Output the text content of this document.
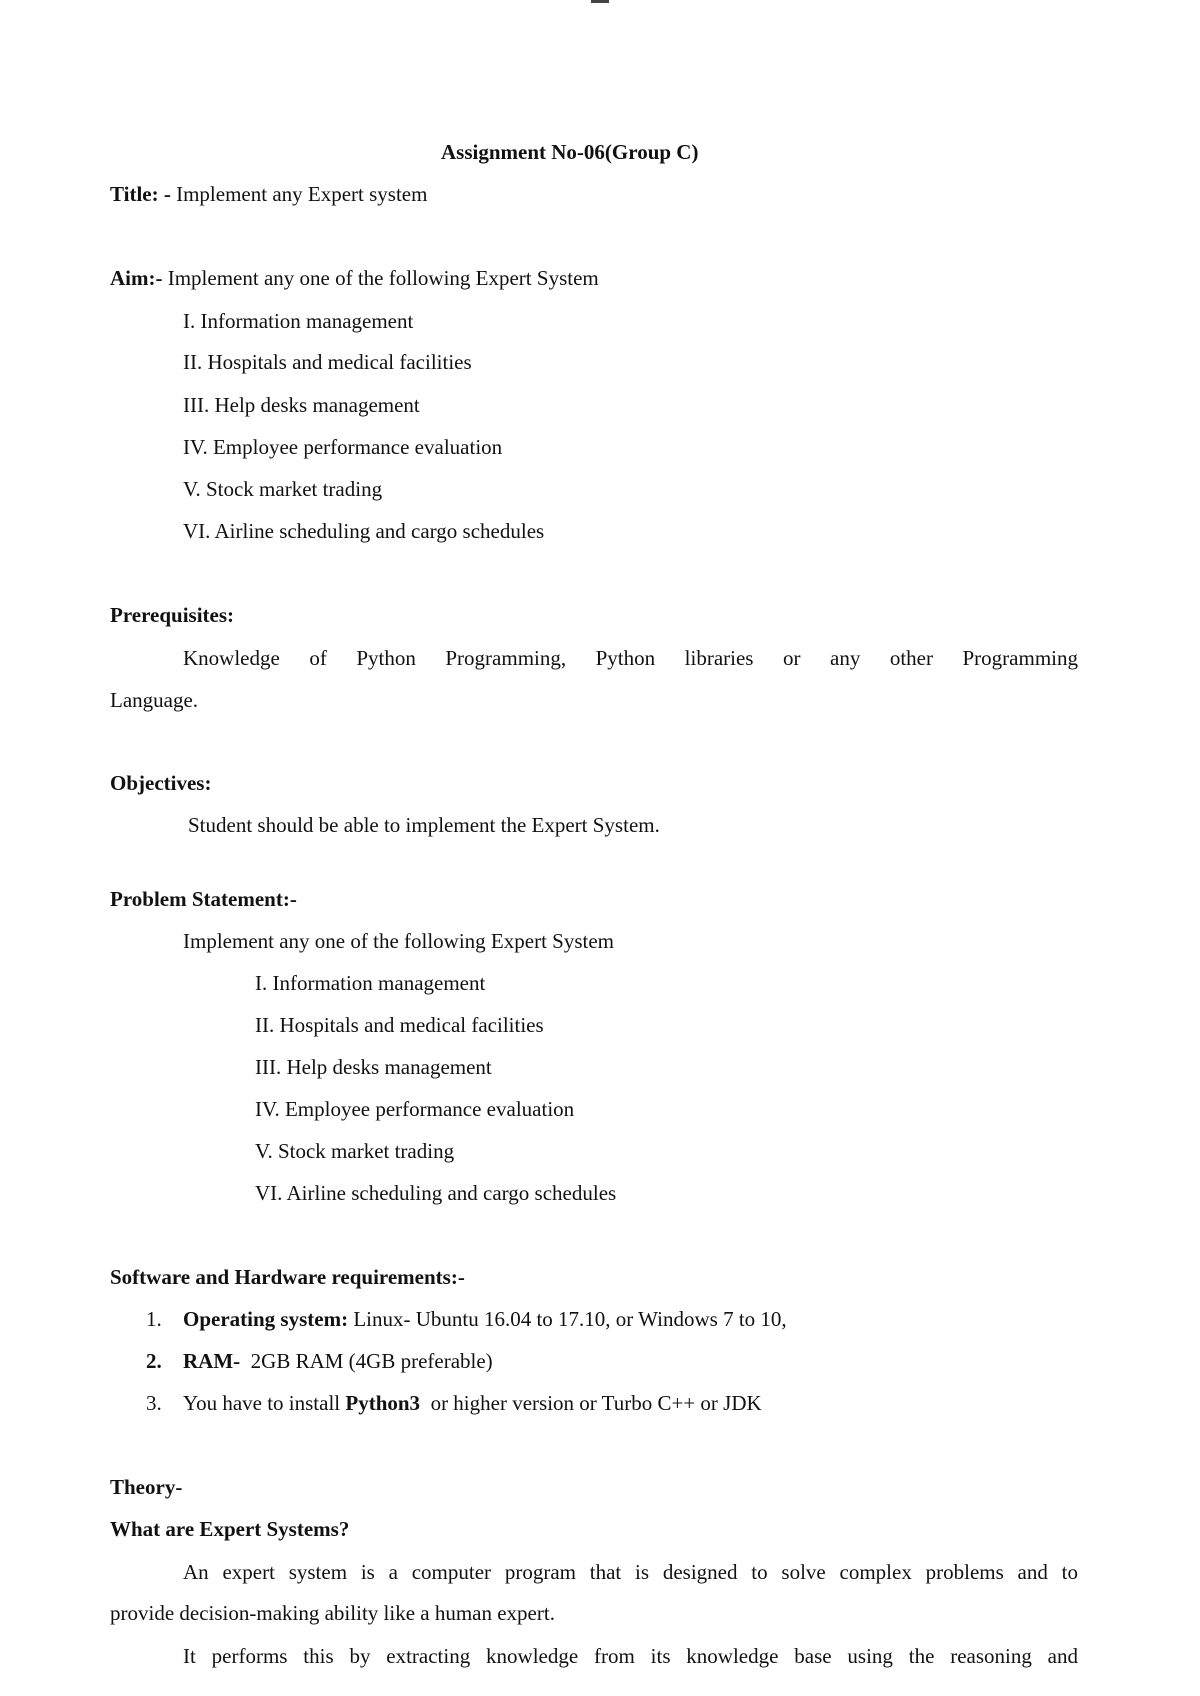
Assignment No-06(Group C)
Title: - Implement any Expert system
Aim:- Implement any one of the following Expert System
I. Information management
II. Hospitals and medical facilities
III. Help desks management
IV. Employee performance evaluation
V. Stock market trading
VI. Airline scheduling and cargo schedules
Prerequisites:
Knowledge of Python Programming, Python libraries or any other Programming
Language.
Objectives:
Student should be able to implement the Expert System.
Problem Statement:-
Implement any one of the following Expert System
I. Information management
II. Hospitals and medical facilities
III. Help desks management
IV. Employee performance evaluation
V. Stock market trading
VI. Airline scheduling and cargo schedules
Software and Hardware requirements:-
1. Operating system: Linux- Ubuntu 16.04 to 17.10, or Windows 7 to 10,
2. RAM-  2GB RAM (4GB preferable)
3. You have to install Python3  or higher version or Turbo C++ or JDK
Theory-
What are Expert Systems?
An expert system is a computer program that is designed to solve complex problems and to
provide decision-making ability like a human expert.
It performs this by extracting knowledge from its knowledge base using the reasoning and
